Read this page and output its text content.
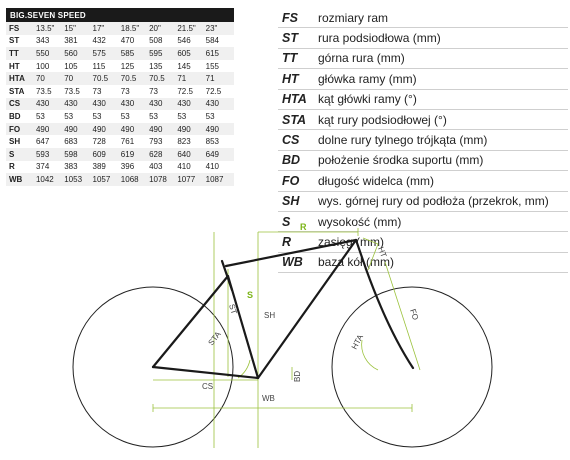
BIG.SEVEN SPEED							
FS	13.5"	15"	17"	18.5"	20"	21.5"	23"
ST	343	381	432	470	508	546	584
TT	550	560	575	585	595	605	615
HT	100	105	115	125	135	145	155
HTA	70	70	70.5	70.5	70.5	71	71
STA	73.5	73.5	73	73	73	72.5	72.5
CS	430	430	430	430	430	430	430
BD	53	53	53	53	53	53	53
FO	490	490	490	490	490	490	490
SH	647	683	728	761	793	823	853
S	593	598	609	619	628	640	649
R	374	383	389	396	403	410	410
WB	1042	1053	1057	1068	1078	1077	1087
FS	rozmiary ram
ST	rura podsiodłowa (mm)
TT	górna rura (mm)
HT	główka ramy (mm)
HTA kąt główki ramy (°)
STA kąt rury podsiodłowej (°)
CS	dolne rury tylnego trójkąta (mm)
BD	położenie środka suportu (mm)
FO	długość widelca (mm)
SH	wys. górnej rury od podłoża (przekrok, mm)
S	wysokość (mm)
R	zasięg (mm)
WB	baza kół (mm)
R
HT
S
ST
SH
STA
FO
HTA
CS
BD
WB
